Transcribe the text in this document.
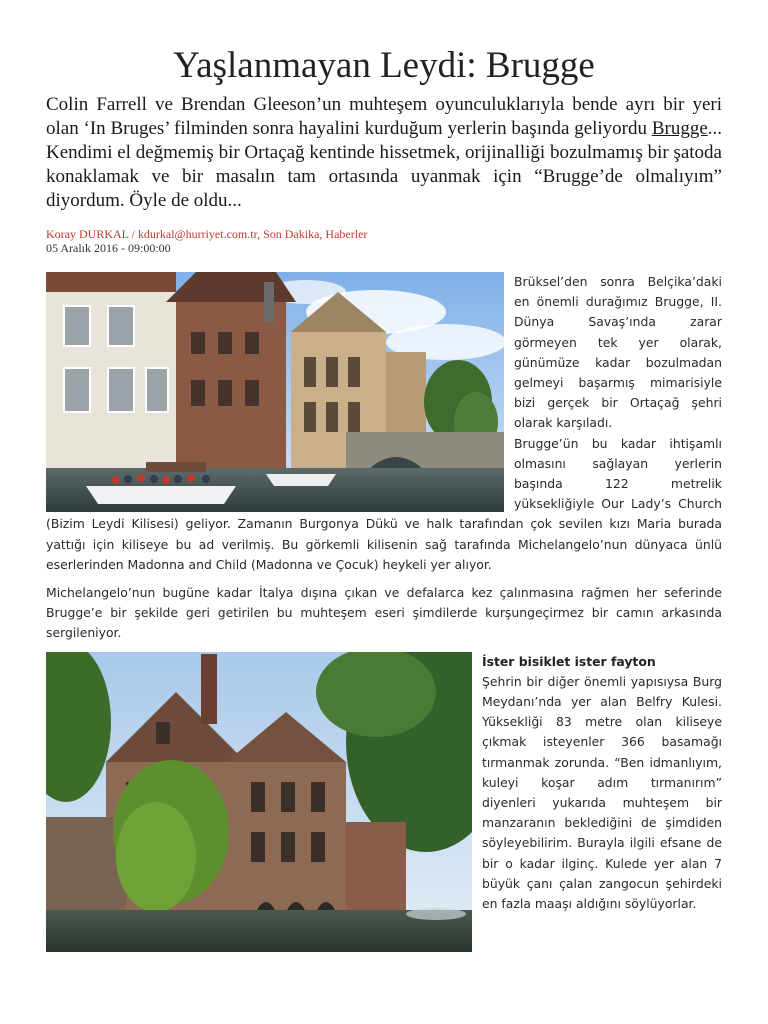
Yaşlanmayan Leydi: Brugge
Colin Farrell ve Brendan Gleeson’un muhteşem oyunculuklarıyla bende ayrı bir yeri olan ‘In Bruges’ filminden sonra hayalini kurduğum yerlerin başında geliyordu Brugge... Kendimi el değmemiş bir Ortaçağ kentinde hissetmek, orijinalliği bozulmamış bir şatoda konaklamak ve bir masalın tam ortasında uyanmak için “Brugge’de olmalıyım” diyordum. Öyle de oldu...
Koray DURKAL / kdurkal@hurriyet.com.tr, Son Dakika, Haberler
05 Aralık 2016 - 09:00:00

Brüksel’den sonra Belçika’daki en önemli durağımız Brugge, II. Dünya Savaş’ında zarar görmeyen tek yer olarak, günümüze kadar bozulmadan gelmeyi başarmış mimarisiyle bizi gerçek bir Ortaçağ şehri olarak karşıladı.
Brugge’ün bu kadar ihtişamlı olmasını sağlayan yerlerin başında 122 metrelik yüksekliğiyle Our Lady’s Church (Bizim Leydi Kilisesi) geliyor. Zamanın Burgonya Dükü ve halk tarafından çok sevilen kızı Maria burada yattığı için kiliseye bu ad verilmiş. Bu görkemli kilisenin sağ tarafında Michelangelo’nun dünyaca ünlü eserlerinden Madonna and Child (Madonna ve Çocuk) heykeli yer alıyor.

Michelangelo’nun bugüne kadar İtalya dışına çıkan ve defalarca kez çalınmasına rağmen her seferinde Brugge’e bir şekilde geri getirilen bu muhteşem eseri şimdilerde kurşungeçirmez bir camın arkasında sergileniyor.

İster bisiklet ister fayton
Şehrin bir diğer önemli yapısıysa Burg Meydanı’nda yer alan Belfry Kulesi. Yüksekliği 83 metre olan kiliseye çıkmak isteyenler 366 basamağı tırmanmak zorunda. “Ben idmanlıyım, kuleyi koşar adım tırmanırım” diyenleri yukarıda muhteşem bir manzaranın beklediğini de şimdiden söyleyebilirim. Burayla ilgili efsane de bir o kadar ilginç. Kulede yer alan 7 büyük çanı çalan zangocun şehirdeki en fazla maaşı aldığını söylüyorlar.
